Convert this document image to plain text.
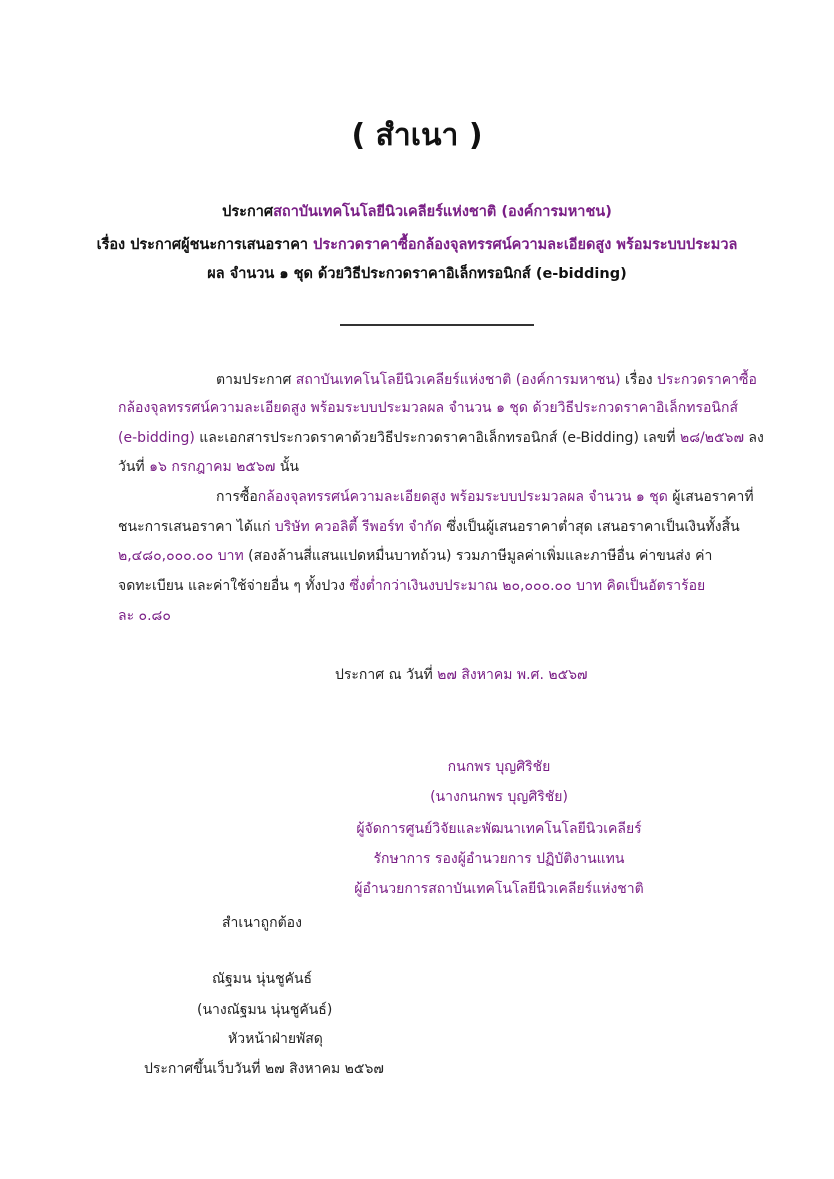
( สำเนา )
ประกาศสถาบันเทคโนโลยีนิวเคลียร์แห่งชาติ (องค์การมหาชน)
เรื่อง ประกาศผู้ชนะการเสนอราคา ประกวดราคาซื้อกล้องจุลทรรศน์ความละเอียดสูง พร้อมระบบประมวล
ผล จำนวน ๑ ชุด ด้วยวิธีประกวดราคาอิเล็กทรอนิกส์ (e-bidding)
ตามประกาศ สถาบันเทคโนโลยีนิวเคลียร์แห่งชาติ (องค์การมหาชน) เรื่อง ประกวดราคาซื้อ
กล้องจุลทรรศน์ความละเอียดสูง พร้อมระบบประมวลผล จำนวน ๑ ชุด ด้วยวิธีประกวดราคาอิเล็กทรอนิกส์
(e-bidding) และเอกสารประกวดราคาด้วยวิธีประกวดราคาอิเล็กทรอนิกส์ (e-Bidding) เลขที่ ๒๘/๒๕๖๗ ลง
วันที่ ๑๖ กรกฎาคม ๒๕๖๗ นั้น
การซื้อกล้องจุลทรรศน์ความละเอียดสูง พร้อมระบบประมวลผล จำนวน ๑ ชุด ผู้เสนอราคาที่
ชนะการเสนอราคา ได้แก่ บริษัท ควอลิตี้ รีพอร์ท จำกัด ซึ่งเป็นผู้เสนอราคาต่ำสุด เสนอราคาเป็นเงินทั้งสิ้น
๒,๔๘๐,๐๐๐.๐๐ บาท (สองล้านสี่แสนแปดหมื่นบาทถ้วน) รวมภาษีมูลค่าเพิ่มและภาษีอื่น ค่าขนส่ง ค่า
จดทะเบียน และค่าใช้จ่ายอื่น ๆ ทั้งปวง ซึ่งต่ำกว่าเงินงบประมาณ ๒๐,๐๐๐.๐๐ บาท คิดเป็นอัตราร้อย
ละ ๐.๘๐
ประกาศ ณ วันที่ ๒๗ สิงหาคม พ.ศ. ๒๕๖๗
กนกพร บุญศิริชัย
(นางกนกพร บุญศิริชัย)
ผู้จัดการศูนย์วิจัยและพัฒนาเทคโนโลยีนิวเคลียร์
รักษาการ รองผู้อำนวยการ ปฏิบัติงานแทน
ผู้อำนวยการสถาบันเทคโนโลยีนิวเคลียร์แห่งชาติ
สำเนาถูกต้อง
ณัฐมน นุ่นชูคันธ์
(นางณัฐมน นุ่นชูคันธ์)
หัวหน้าฝ่ายพัสดุ
ประกาศขึ้นเว็บวันที่ ๒๗ สิงหาคม ๒๕๖๗
